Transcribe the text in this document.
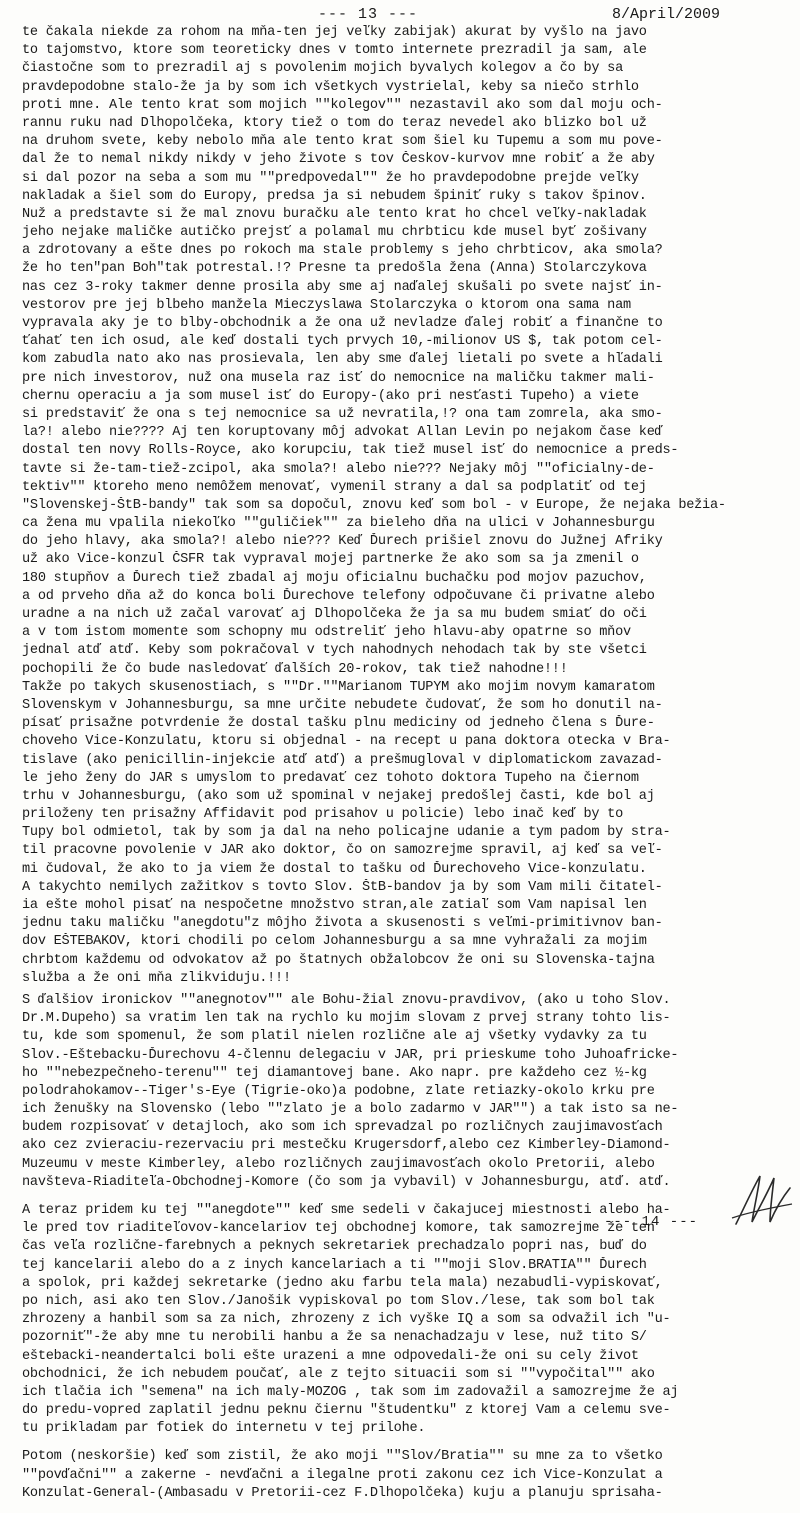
--- 13 ---	8/April/2009
te čakala niekde za rohom na mňa-ten jej veľky zabijak) akurat by vyšlo na javo
to tajomstvo, ktore som teoreticky dnes v tomto internete prezradil ja sam, ale
čiastočne som to prezradil aj s povolenim mojich byvalych kolegov a čo by sa
pravdepodobne stalo-že ja by som ich všetkych vystrielal, keby sa niečo strhlo
proti mne. Ale tento krat som mojich ""kolegov"" nezastavil ako som dal moju och-
rannu ruku nad Dlhopolčeka, ktory tiež o tom do teraz nevedel ako blizko bol už
na druhom svete, keby nebolo mňa ale tento krat som šiel ku Tupemu a som mu pove-
dal že to nemal nikdy nikdy v jeho živote s tov Českov-kurvov mne robiť a že aby
si dal pozor na seba a som mu ""predpovedal"" že ho pravdepodobne prejde veľky
nakladak a šiel som do Europy, predsa ja si nebudem špiniť ruky s takov špinov.
Nuž a predstavte si že mal znovu buračku ale tento krat ho chcel veľky-nakladak
jeho nejake maličke autičko prejsť a polamal mu chrbticu kde musel byť zošivany
a zdrotovany a ešte dnes po rokoch ma stale problemy s jeho chrbticov, aka smola?
že ho ten"pan Boh"tak potrestal.!? Presne ta predošla žena (Anna) Stolarczykova
nas cez 3-roky takmer denne prosila aby sme aj naďalej skušali po svete najsť in-
vestorov pre jej blbeho manžela Mieczyslawa Stolarczyka o ktorom ona sama nam
vypravala aky je to blby-obchodnik a že ona už nevladze ďalej robiť a finančne to
ťahať ten ich osud, ale keď dostali tych prvych 10,-milionov US $, tak potom cel-
kom zabudla nato ako nas prosievala, len aby sme ďalej lietali po svete a hľadali
pre nich investorov, nuž ona musela raz isť do nemocnice na maličku takmer mali-
chernu operaciu a ja som musel isť do Europy-(ako pri nesťasti Tupeho) a viete
si predstaviť že ona s tej nemocnice sa už nevratila,!? ona tam zomrela, aka smo-
la?! alebo nie???? Aj ten koruptovany môj advokat Allan Levin po nejakom čase keď
dostal ten novy Rolls-Royce, ako korupciu, tak tiež musel isť do nemocnice a preds-
tavte si že-tam-tiež-zcipol, aka smola?! alebo nie??? Nejaky môj ""oficialny-de-
tektiv"" ktoreho meno nemôžem menovať, vymenil strany a dal sa podplatiť od tej
"Slovenskej-ŠtB-bandy" tak som sa dopočul, znovu keď som bol - v Europe, že nejaka bežia-
ca žena mu vpalila niekoľko ""guličiek"" za bieleho dňa na ulici v Johannesburgu
do jeho hlavy, aka smola?! alebo nie??? Keď Ďurech prišiel znovu do Južnej Afriky
už ako Vice-konzul ČSFR tak vypraval mojej partnerke že ako som sa ja zmenil o
180 stupňov a Ďurech tiež zbadal aj moju oficialnu buchačku pod mojov pazuchov,
a od prveho dňa až do konca boli Ďurechove telefony odpočuvane či privatne alebo
uradne a na nich už začal varovať aj Dlhopolčeka že ja sa mu budem smiať do oči
a v tom istom momente som schopny mu odstreliť jeho hlavu-aby opatrne so mňov
jednal atď atď. Keby som pokračoval v tych nahodnych nehodach tak by ste všetci
pochopili že čo bude nasledovať ďalších 20-rokov, tak tiež nahodne!!!
Takže po takych skusenostiach, s ""Dr.""Marianom TUPYM ako mojim novym kamaratom
Slovenskym v Johannesburgu, sa mne určite nebudete čudovať, že som ho donutil na-
písať prisažne potvrdenie že dostal tašku plnu mediciny od jedneho člena s Ďure-
choveho Vice-Konzulatu, ktoru si objednal - na recept u pana doktora otecka v Bra-
tislave (ako penicillin-injekcie atď atď) a prešmugloval v diplomatickom zavazad-
le jeho ženy do JAR s umyslom to predavať cez tohoto doktora Tupeho na čiernom
trhu v Johannesburgu, (ako som už spominal v nejakej predošlej časti, kde bol aj
priloženy ten prisažny Affidavit pod prisahov u policie) lebo inač keď by to
Tupy bol odmietol, tak by som ja dal na neho policajne udanie a tym padom by stra-
til pracovne povolenie v JAR ako doktor, čo on samozrejme spravil, aj keď sa veľ-
mi čudoval, že ako to ja viem že dostal to tašku od Ďurechoveho Vice-konzulatu.
A takychto nemilych zažitkov s tovto Slov. ŠtB-bandov ja by som Vam mili čitatel-
ia ešte mohol pisať na nespočetne množstvo stran,ale zatiaľ som Vam napisal len
jednu taku maličku "anegdotu"z môjho života a skusenosti s veľmi-primitivnov ban-
dov EŠTEBAKOV, ktori chodili po celom Johannesburgu a sa mne vyhražali za mojim
chrbtom každemu od odvokatov až po štatnych obžalobcov že oni su Slovenska-tajna
služba a že oni mňa zlikviduju.!!!
S ďalšiov ironickov ""anegnotov"" ale Bohu-žial znovu-pravdivov, (ako u toho Slov.
Dr.M.Dupeho) sa vratim len tak na rychlo ku mojim slovam z prvej strany tohto lis-
tu, kde som spomenul, že som platil nielen rozlične ale aj všetky vydavky za tu
Slov.-Eštebacku-Ďurechovu 4-člennu delegaciu v JAR, pri prieskume toho Juhoafricke-
ho ""nebezpečneho-terenu"" tej diamantovej bane. Ako napr. pre každeho cez ½-kg
polodrahokamov--Tiger's-Eye (Tigrie-oko)a podobne, zlate retiazky-okolo krku pre
ich ženušky na Slovensko (lebo ""zlato je a bolo zadarmo v JAR"") a tak isto sa ne-
budem rozpisovať v detajloch, ako som ich sprevadzal po rozličnych zaujimavosťach
ako cez zvieraciu-rezervaciu pri mestečku Krugersdorf,alebo cez Kimberley-Diamond-
Muzeumu v meste Kimberley, alebo rozličnych zaujimavosťach okolo Pretorii, alebo
navšteva-Riaditeľa-Obchodnej-Komore (čo som ja vybavil) v Johannesburgu, atď. atď.
A teraz pridem ku tej ""anegdote"" keď sme sedeli v čakajucej miestnosti alebo ha-
le pred tov riaditeľovov-kancelariov tej obchodnej komore, tak samozrejme že ten
čas veľa rozlične-farebnych a peknych sekretariek prechadzalo popri nas, buď do
tej kancelarii alebo do a z inych kancelariach a ti ""moji Slov.BRATIA"" Ďurech
a spolok, pri každej sekretarke (jedno aku farbu tela mala) nezabudli-vypiskovať,
po nich, asi ako ten Slov./Janošik vypiskoval po tom Slov./lese, tak som bol tak
zhrozeny a hanbil som sa za nich, zhrozeny z ich vyške IQ a som sa odvažil ich "u-
pozorniť"-že aby mne tu nerobili hanbu a že sa nenachadzaju v lese, nuž tito S/
eštebacki-neandertalci boli ešte urazeni a mne odpovedali-že oni su cely život
obchodnici, že ich nebudem poučať, ale z tejto situacii som si ""vypočital"" ako
ich tlačia ich "semena" na ich maly-MOZOG , tak som im zadovažil a samozrejme že aj
do predu-vopred zaplatil jednu peknu čiernu "študentku" z ktorej Vam a celemu sve-
tu prikladam par fotiek do internetu v tej prilohe.
Potom (neskoršie) keď som zistil, že ako moji ""Slov/Bratia"" su mne za to všetko
""povďačni"" a zakerne - nevďačni a ilegalne proti zakonu cez ich Vice-Konzulat a
Konzulat-General-(Ambasadu v Pretorii-cez F.Dlhopolčeka) kuju a planuju sprisaha-
--- 14 ---
